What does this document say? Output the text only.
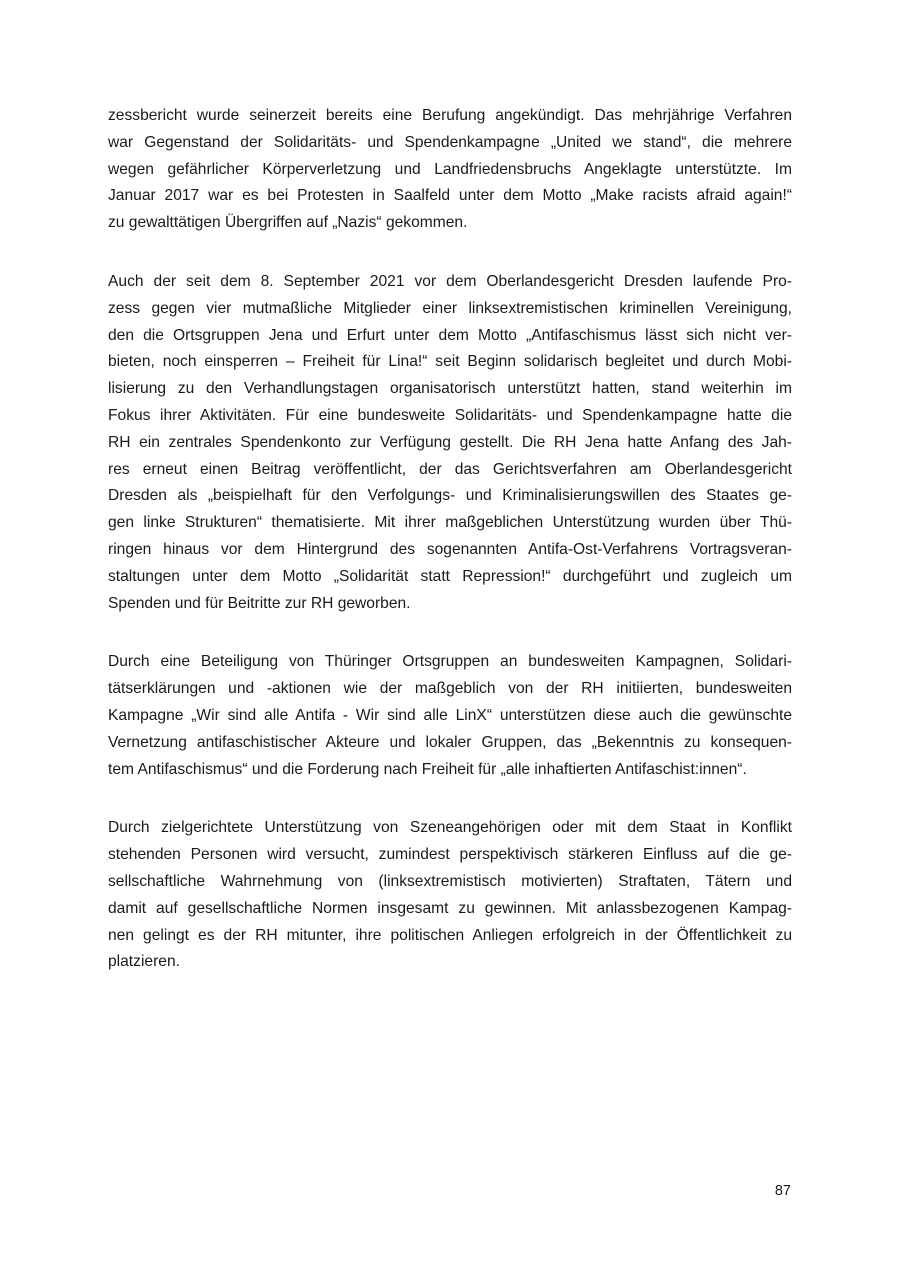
zessbericht wurde seinerzeit bereits eine Berufung angekündigt. Das mehrjährige Verfahren
war Gegenstand der Solidaritäts- und Spendenkampagne „United we stand“, die mehrere
wegen gefährlicher Körperverletzung und Landfriedensbruchs Angeklagte unterstützte. Im
Januar 2017 war es bei Protesten in Saalfeld unter dem Motto „Make racists afraid again!“
zu gewalttätigen Übergriffen auf „Nazis“ gekommen.

Auch der seit dem 8. September 2021 vor dem Oberlandesgericht Dresden laufende Pro-
zess gegen vier mutmaßliche Mitglieder einer linksextremistischen kriminellen Vereinigung,
den die Ortsgruppen Jena und Erfurt unter dem Motto „Antifaschismus lässt sich nicht ver-
bieten, noch einsperren – Freiheit für Lina!“ seit Beginn solidarisch begleitet und durch Mobi-
lisierung zu den Verhandlungstagen organisatorisch unterstützt hatten, stand weiterhin im
Fokus ihrer Aktivitäten. Für eine bundesweite Solidaritäts- und Spendenkampagne hatte die
RH ein zentrales Spendenkonto zur Verfügung gestellt. Die RH Jena hatte Anfang des Jah-
res erneut einen Beitrag veröffentlicht, der das Gerichtsverfahren am Oberlandesgericht
Dresden als „beispielhaft für den Verfolgungs- und Kriminalisierungswillen des Staates ge-
gen linke Strukturen“ thematisierte. Mit ihrer maßgeblichen Unterstützung wurden über Thü-
ringen hinaus vor dem Hintergrund des sogenannten Antifa-Ost-Verfahrens Vortragsveran-
staltungen unter dem Motto „Solidarität statt Repression!“ durchgeführt und zugleich um
Spenden und für Beitritte zur RH geworben.

Durch eine Beteiligung von Thüringer Ortsgruppen an bundesweiten Kampagnen, Solidari-
tätserklärungen und -aktionen wie der maßgeblich von der RH initiierten, bundesweiten
Kampagne „Wir sind alle Antifa - Wir sind alle LinX“ unterstützen diese auch die gewünschte
Vernetzung antifaschistischer Akteure und lokaler Gruppen, das „Bekenntnis zu konsequen-
tem Antifaschismus“ und die Forderung nach Freiheit für „alle inhaftierten Antifaschist:innen“.

Durch zielgerichtete Unterstützung von Szeneangehörigen oder mit dem Staat in Konflikt
stehenden Personen wird versucht, zumindest perspektivisch stärkeren Einfluss auf die ge-
sellschaftliche Wahrnehmung von (linksextremistisch motivierten) Straftaten, Tätern und
damit auf gesellschaftliche Normen insgesamt zu gewinnen. Mit anlassbezogenen Kampag-
nen gelingt es der RH mitunter, ihre politischen Anliegen erfolgreich in der Öffentlichkeit zu
platzieren.

87
